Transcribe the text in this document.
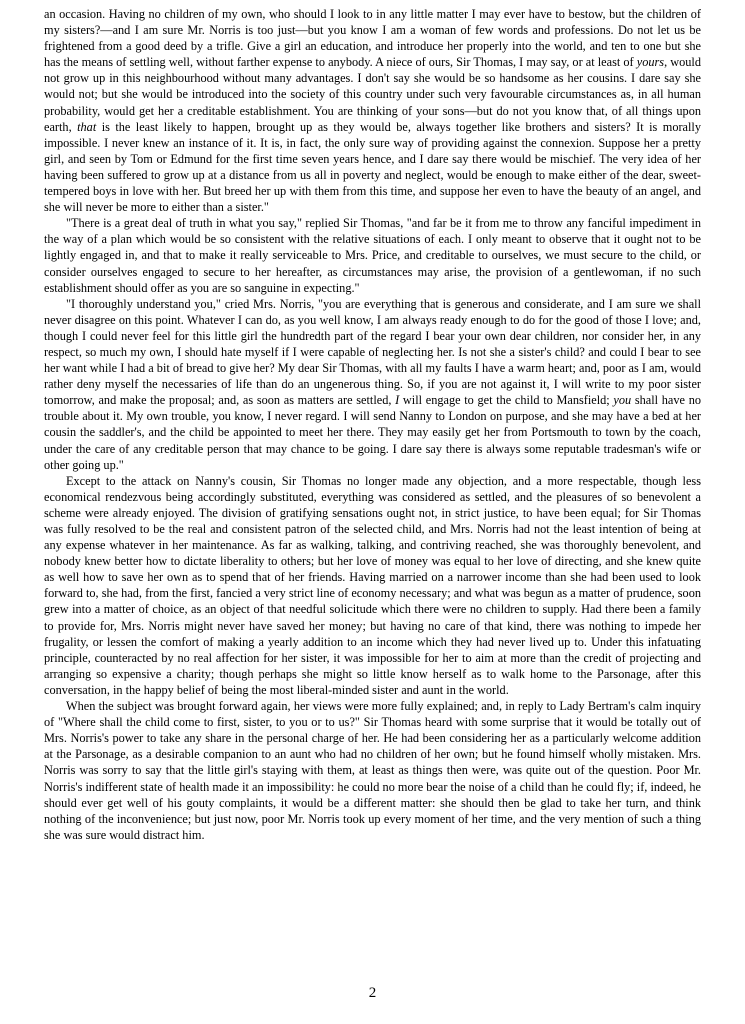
an occasion. Having no children of my own, who should I look to in any little matter I may ever have to bestow, but the children of my sisters?—and I am sure Mr. Norris is too just—but you know I am a woman of few words and professions. Do not let us be frightened from a good deed by a trifle. Give a girl an education, and introduce her properly into the world, and ten to one but she has the means of settling well, without farther expense to anybody. A niece of ours, Sir Thomas, I may say, or at least of yours, would not grow up in this neighbourhood without many advantages. I don't say she would be so handsome as her cousins. I dare say she would not; but she would be introduced into the society of this country under such very favourable circumstances as, in all human probability, would get her a creditable establishment. You are thinking of your sons—but do not you know that, of all things upon earth, that is the least likely to happen, brought up as they would be, always together like brothers and sisters? It is morally impossible. I never knew an instance of it. It is, in fact, the only sure way of providing against the connexion. Suppose her a pretty girl, and seen by Tom or Edmund for the first time seven years hence, and I dare say there would be mischief. The very idea of her having been suffered to grow up at a distance from us all in poverty and neglect, would be enough to make either of the dear, sweet-tempered boys in love with her. But breed her up with them from this time, and suppose her even to have the beauty of an angel, and she will never be more to either than a sister."

"There is a great deal of truth in what you say," replied Sir Thomas, "and far be it from me to throw any fanciful impediment in the way of a plan which would be so consistent with the relative situations of each. I only meant to observe that it ought not to be lightly engaged in, and that to make it really serviceable to Mrs. Price, and creditable to ourselves, we must secure to the child, or consider ourselves engaged to secure to her hereafter, as circumstances may arise, the provision of a gentlewoman, if no such establishment should offer as you are so sanguine in expecting."

"I thoroughly understand you," cried Mrs. Norris, "you are everything that is generous and considerate, and I am sure we shall never disagree on this point. Whatever I can do, as you well know, I am always ready enough to do for the good of those I love; and, though I could never feel for this little girl the hundredth part of the regard I bear your own dear children, nor consider her, in any respect, so much my own, I should hate myself if I were capable of neglecting her. Is not she a sister's child? and could I bear to see her want while I had a bit of bread to give her? My dear Sir Thomas, with all my faults I have a warm heart; and, poor as I am, would rather deny myself the necessaries of life than do an ungenerous thing. So, if you are not against it, I will write to my poor sister tomorrow, and make the proposal; and, as soon as matters are settled, I will engage to get the child to Mansfield; you shall have no trouble about it. My own trouble, you know, I never regard. I will send Nanny to London on purpose, and she may have a bed at her cousin the saddler's, and the child be appointed to meet her there. They may easily get her from Portsmouth to town by the coach, under the care of any creditable person that may chance to be going. I dare say there is always some reputable tradesman's wife or other going up."

Except to the attack on Nanny's cousin, Sir Thomas no longer made any objection, and a more respectable, though less economical rendezvous being accordingly substituted, everything was considered as settled, and the pleasures of so benevolent a scheme were already enjoyed. The division of gratifying sensations ought not, in strict justice, to have been equal; for Sir Thomas was fully resolved to be the real and consistent patron of the selected child, and Mrs. Norris had not the least intention of being at any expense whatever in her maintenance. As far as walking, talking, and contriving reached, she was thoroughly benevolent, and nobody knew better how to dictate liberality to others; but her love of money was equal to her love of directing, and she knew quite as well how to save her own as to spend that of her friends. Having married on a narrower income than she had been used to look forward to, she had, from the first, fancied a very strict line of economy necessary; and what was begun as a matter of prudence, soon grew into a matter of choice, as an object of that needful solicitude which there were no children to supply. Had there been a family to provide for, Mrs. Norris might never have saved her money; but having no care of that kind, there was nothing to impede her frugality, or lessen the comfort of making a yearly addition to an income which they had never lived up to. Under this infatuating principle, counteracted by no real affection for her sister, it was impossible for her to aim at more than the credit of projecting and arranging so expensive a charity; though perhaps she might so little know herself as to walk home to the Parsonage, after this conversation, in the happy belief of being the most liberal-minded sister and aunt in the world.

When the subject was brought forward again, her views were more fully explained; and, in reply to Lady Bertram's calm inquiry of "Where shall the child come to first, sister, to you or to us?" Sir Thomas heard with some surprise that it would be totally out of Mrs. Norris's power to take any share in the personal charge of her. He had been considering her as a particularly welcome addition at the Parsonage, as a desirable companion to an aunt who had no children of her own; but he found himself wholly mistaken. Mrs. Norris was sorry to say that the little girl's staying with them, at least as things then were, was quite out of the question. Poor Mr. Norris's indifferent state of health made it an impossibility: he could no more bear the noise of a child than he could fly; if, indeed, he should ever get well of his gouty complaints, it would be a different matter: she should then be glad to take her turn, and think nothing of the inconvenience; but just now, poor Mr. Norris took up every moment of her time, and the very mention of such a thing she was sure would distract him.

2
